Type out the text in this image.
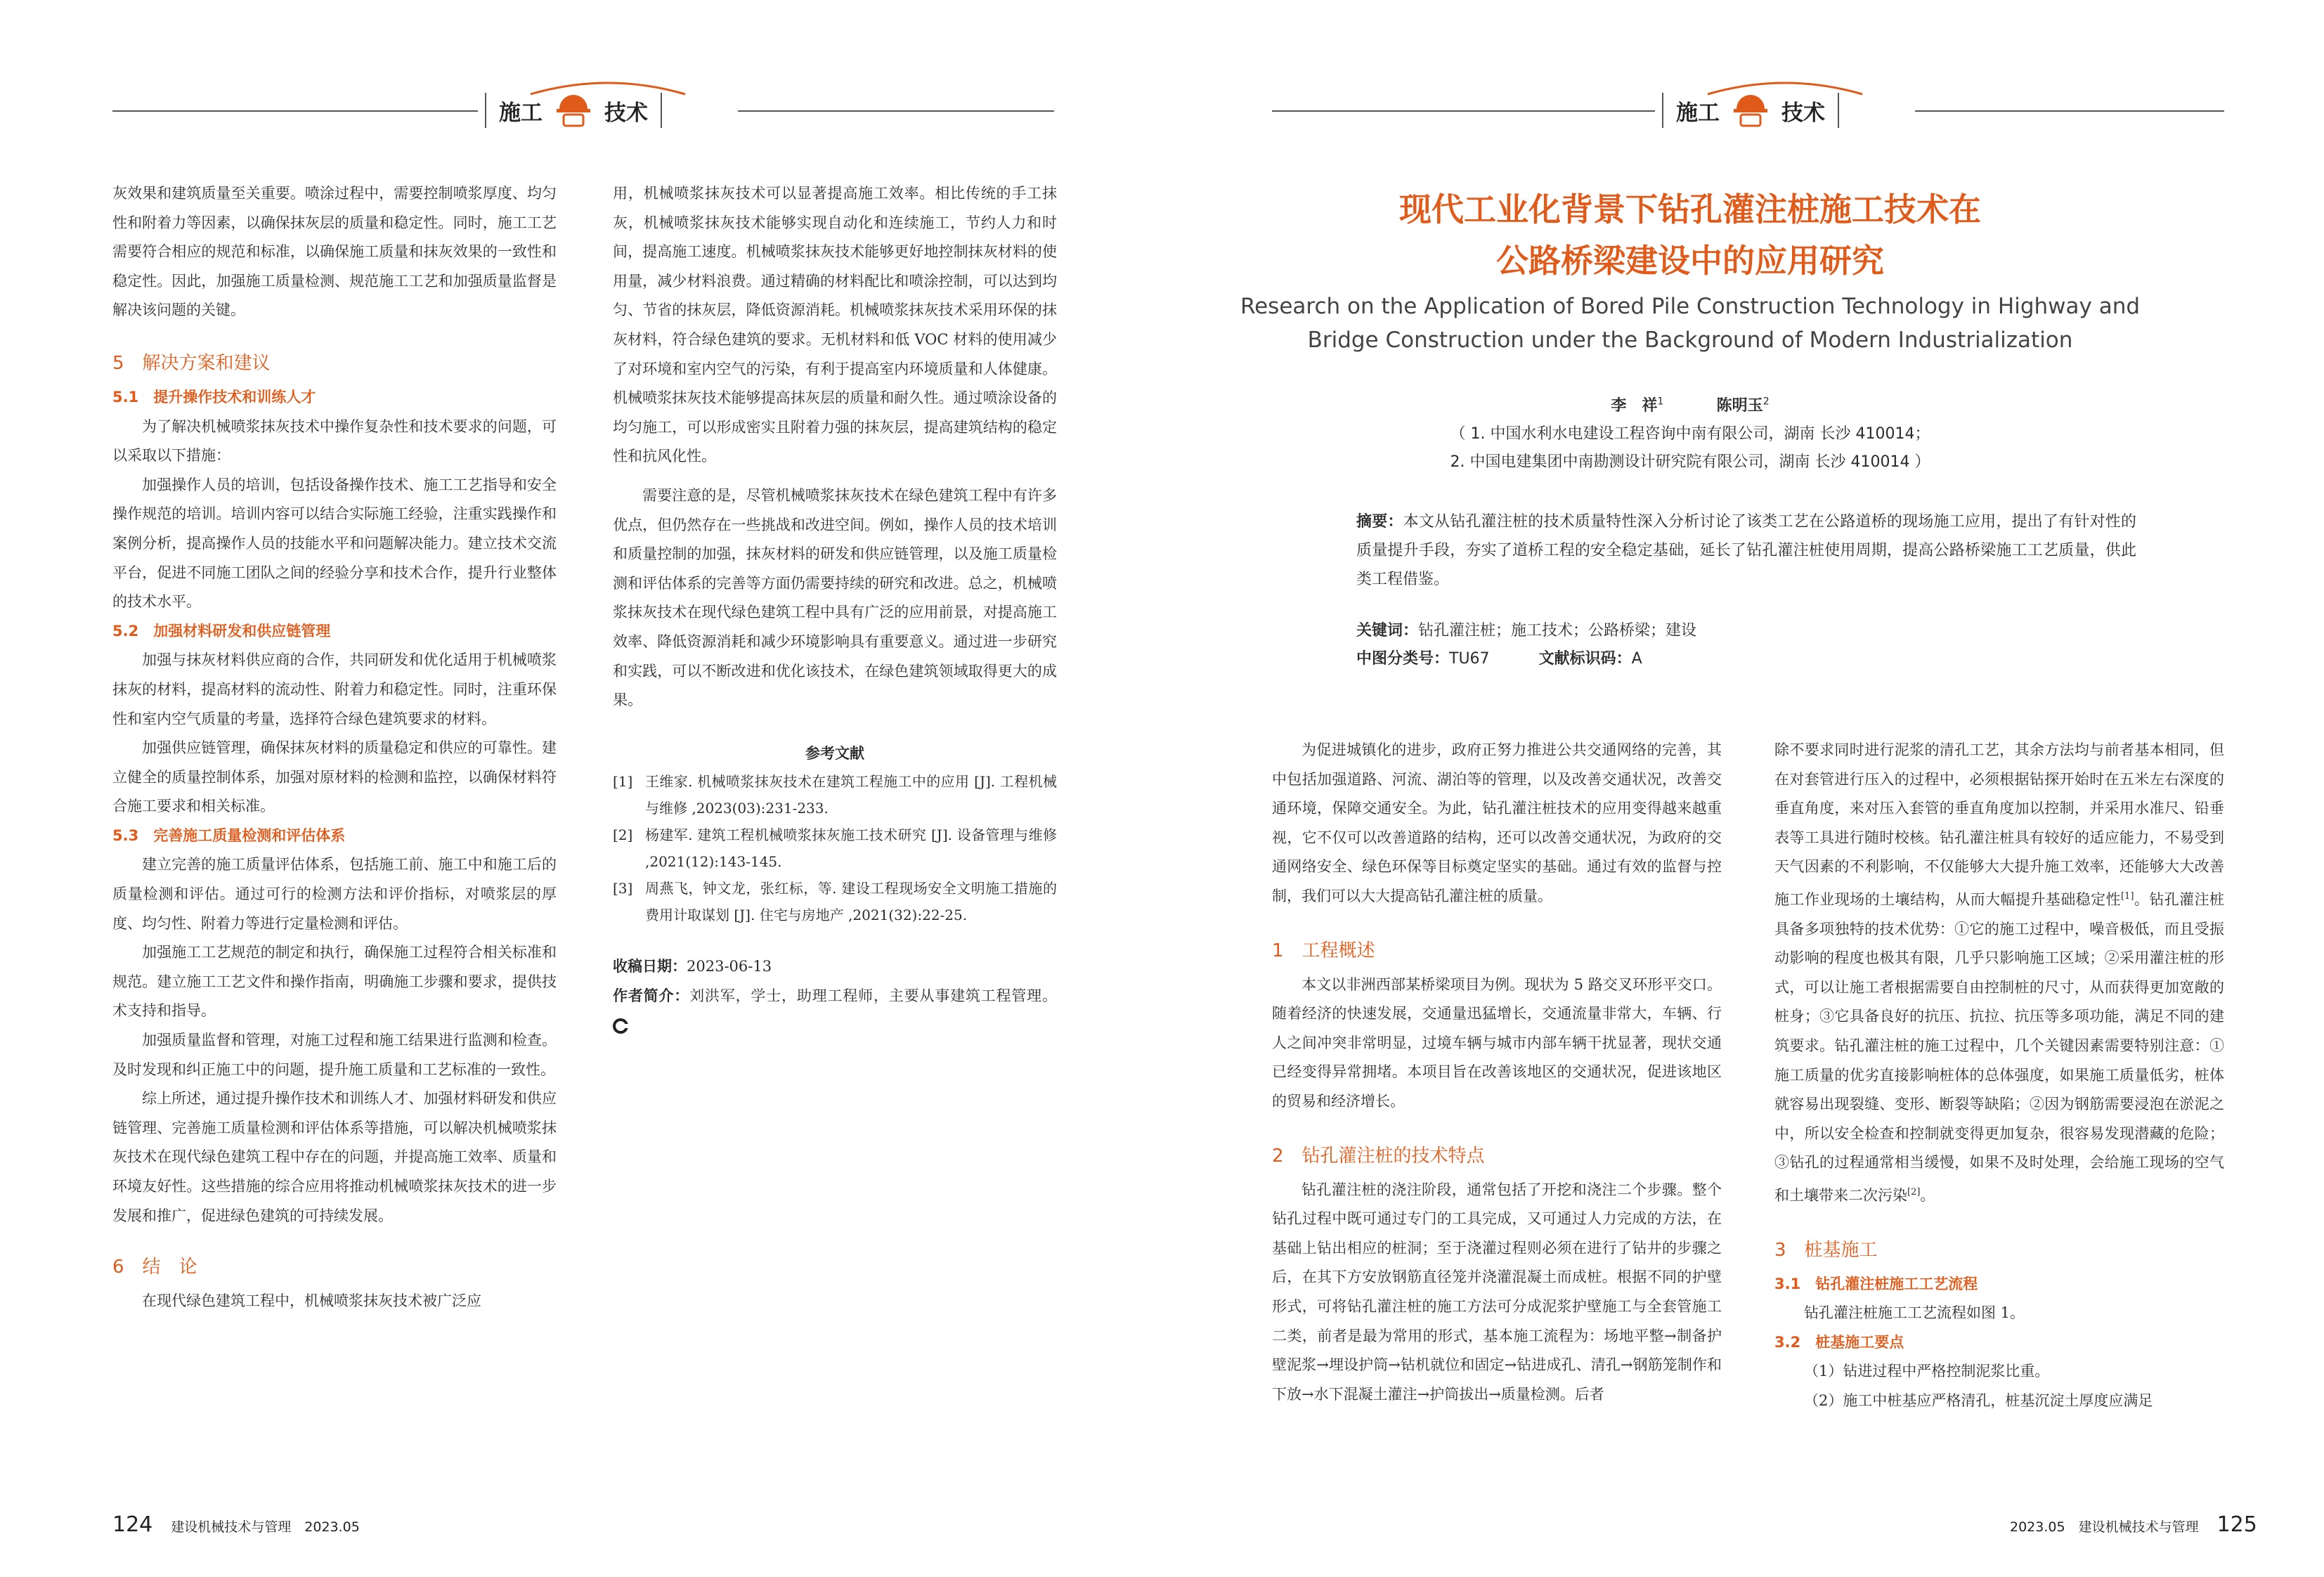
施工	技术	施工	技术

灰效果和建筑质量至关重要。喷涂过程中，需要控制喷浆厚度、均匀性和附着力等因素，以确保抹灰层的质量和稳定性。同时，施工工艺需要符合相应的规范和标准，以确保施工质量和抹灰效果的一致性和稳定性。因此，加强施工质量检测、规范施工工艺和加强质量监督是解决该问题的关键。

5　解决方案和建议
5.1　提升操作技术和训练人才

为了解决机械喷浆抹灰技术中操作复杂性和技术要求的问题，可以采取以下措施：

加强操作人员的培训，包括设备操作技术、施工工艺指导和安全操作规范的培训。培训内容可以结合实际施工经验，注重实践操作和案例分析，提高操作人员的技能水平和问题解决能力。建立技术交流平台，促进不同施工团队之间的经验分享和技术合作，提升行业整体的技术水平。

5.2　加强材料研发和供应链管理

加强与抹灰材料供应商的合作，共同研发和优化适用于机械喷浆抹灰的材料，提高材料的流动性、附着力和稳定性。同时，注重环保性和室内空气质量的考量，选择符合绿色建筑要求的材料。

加强供应链管理，确保抹灰材料的质量稳定和供应的可靠性。建立健全的质量控制体系，加强对原材料的检测和监控，以确保材料符合施工要求和相关标准。

5.3　完善施工质量检测和评估体系

建立完善的施工质量评估体系，包括施工前、施工中和施工后的质量检测和评估。通过可行的检测方法和评价指标，对喷浆层的厚度、均匀性、附着力等进行定量检测和评估。

加强施工工艺规范的制定和执行，确保施工过程符合相关标准和规范。建立施工工艺文件和操作指南，明确施工步骤和要求，提供技术支持和指导。

加强质量监督和管理，对施工过程和施工结果进行监测和检查。及时发现和纠正施工中的问题，提升施工质量和工艺标准的一致性。

综上所述，通过提升操作技术和训练人才、加强材料研发和供应链管理、完善施工质量检测和评估体系等措施，可以解决机械喷浆抹灰技术在现代绿色建筑工程中存在的问题，并提高施工效率、质量和环境友好性。这些措施的综合应用将推动机械喷浆抹灰技术的进一步发展和推广，促进绿色建筑的可持续发展。

6　结　论

在现代绿色建筑工程中，机械喷浆抹灰技术被广泛应

用，机械喷浆抹灰技术可以显著提高施工效率。相比传统的手工抹灰，机械喷浆抹灰技术能够实现自动化和连续施工，节约人力和时间，提高施工速度。机械喷浆抹灰技术能够更好地控制抹灰材料的使用量，减少材料浪费。通过精确的材料配比和喷涂控制，可以达到均匀、节省的抹灰层，降低资源消耗。机械喷浆抹灰技术采用环保的抹灰材料，符合绿色建筑的要求。无机材料和低 VOC 材料的使用减少了对环境和室内空气的污染，有利于提高室内环境质量和人体健康。机械喷浆抹灰技术能够提高抹灰层的质量和耐久性。通过喷涂设备的均匀施工，可以形成密实且附着力强的抹灰层，提高建筑结构的稳定性和抗风化性。

需要注意的是，尽管机械喷浆抹灰技术在绿色建筑工程中有许多优点，但仍然存在一些挑战和改进空间。例如，操作人员的技术培训和质量控制的加强，抹灰材料的研发和供应链管理，以及施工质量检测和评估体系的完善等方面仍需要持续的研究和改进。总之，机械喷浆抹灰技术在现代绿色建筑工程中具有广泛的应用前景，对提高施工效率、降低资源消耗和减少环境影响具有重要意义。通过进一步研究和实践，可以不断改进和优化该技术，在绿色建筑领域取得更大的成果。

参考文献
[1] 王维家. 机械喷浆抹灰技术在建筑工程施工中的应用 [J]. 工程机械与维修 ,2023(03):231-233.
[2] 杨建军. 建筑工程机械喷浆抹灰施工技术研究 [J]. 设备管理与维修 ,2021(12):143-145.
[3] 周燕飞，钟文龙，张红标，等. 建设工程现场安全文明施工措施的费用计取谋划 [J]. 住宅与房地产 ,2021(32):22-25.
收稿日期：2023-06-13
作者简介：刘洪军，学士，助理工程师，主要从事建筑工程管理。
124 建设机械技术与管理　2023.05
现代工业化背景下钻孔灌注桩施工技术在
公路桥梁建设中的应用研究
Research on the Application of Bored Pile Construction Technology in Highway and
Bridge Construction under the Background of Modern Industrialization
李　祥$^1$	陈明玉$^2$
（ 1. 中国水利水电建设工程咨询中南有限公司，湖南 长沙 410014；
2. 中国电建集团中南勘测设计研究院有限公司，湖南 长沙 410014 ）
摘要：本文从钻孔灌注桩的技术质量特性深入分析讨论了该类工艺在公路道桥的现场施工应用，提出了有针对性的质量提升手段，夯实了道桥工程的安全稳定基础，延长了钻孔灌注桩使用周期，提高公路桥梁施工工艺质量，供此类工程借鉴。
关键词：钻孔灌注桩；施工技术；公路桥梁；建设
中图分类号：TU67	文献标识码：A

为促进城镇化的进步，政府正努力推进公共交通网络的完善，其中包括加强道路、河流、湖泊等的管理，以及改善交通状况，改善交通环境，保障交通安全。为此，钻孔灌注桩技术的应用变得越来越重视，它不仅可以改善道路的结构，还可以改善交通状况，为政府的交通网络安全、绿色环保等目标奠定坚实的基础。通过有效的监督与控制，我们可以大大提高钻孔灌注桩的质量。

1　工程概述

本文以非洲西部某桥梁项目为例。现状为 5 路交叉环形平交口。随着经济的快速发展，交通量迅猛增长，交通流量非常大，车辆、行人之间冲突非常明显，过境车辆与城市内部车辆干扰显著，现状交通已经变得异常拥堵。本项目旨在改善该地区的交通状况，促进该地区的贸易和经济增长。

2　钻孔灌注桩的技术特点

钻孔灌注桩的浇注阶段，通常包括了开挖和浇注二个步骤。整个钻孔过程中既可通过专门的工具完成，又可通过人力完成的方法，在基础上钻出相应的桩洞；至于浇灌过程则必须在进行了钻井的步骤之后，在其下方安放钢筋直径笼并浇灌混凝土而成桩。根据不同的护壁形式，可将钻孔灌注桩的施工方法可分成泥浆护壁施工与全套管施工二类，前者是最为常用的形式，基本施工流程为：场地平整→制备护壁泥浆→埋设护筒→钻机就位和固定→钻进成孔、清孔→钢筋笼制作和下放→水下混凝土灌注→护筒拔出→质量检测。后者

除不要求同时进行泥浆的清孔工艺，其余方法均与前者基本相同，但在对套管进行压入的过程中，必须根据钻探开始时在五米左右深度的垂直角度，来对压入套管的垂直角度加以控制，并采用水准尺、铅垂表等工具进行随时校核。钻孔灌注桩具有较好的适应能力，不易受到天气因素的不利影响，不仅能够大大提升施工效率，还能够大大改善施工作业现场的土壤结构，从而大幅提升基础稳定性[1]。钻孔灌注桩具备多项独特的技术优势：①它的施工过程中，噪音极低，而且受振动影响的程度也极其有限，几乎只影响施工区域；②采用灌注桩的形式，可以让施工者根据需要自由控制桩的尺寸，从而获得更加宽敞的桩身；③它具备良好的抗压、抗拉、抗压等多项功能，满足不同的建筑要求。钻孔灌注桩的施工过程中，几个关键因素需要特别注意：①施工质量的优劣直接影响桩体的总体强度，如果施工质量低劣，桩体就容易出现裂缝、变形、断裂等缺陷；②因为钢筋需要浸泡在淤泥之中，所以安全检查和控制就变得更加复杂，很容易发现潜藏的危险；③钻孔的过程通常相当缓慢，如果不及时处理，会给施工现场的空气和土壤带来二次污染[2]。

3　桩基施工
3.1　钻孔灌注桩施工工艺流程

钻孔灌注桩施工工艺流程如图 1。

3.2　桩基施工要点

（1）钻进过程中严格控制泥浆比重。

（2）施工中桩基应严格清孔，桩基沉淀土厚度应满足

2023.05　建设机械技术与管理 125
